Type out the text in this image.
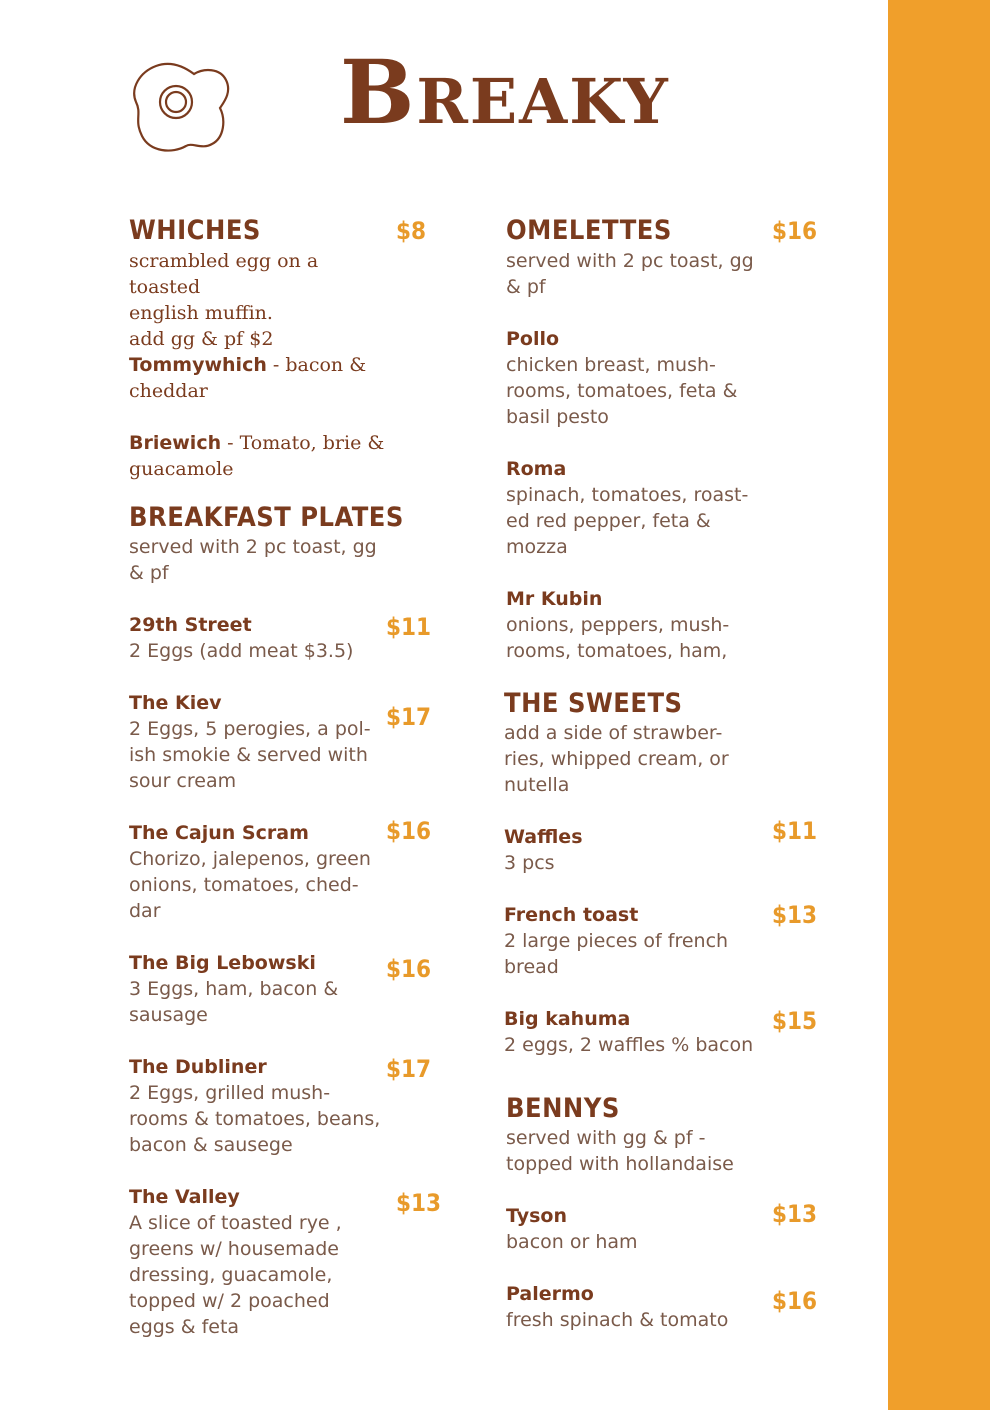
Breaky
WHICHES	$8
scrambled egg on a toasted
english muffin.
add gg & pf $2
Tommywhich - bacon &
cheddar
Briewich - Tomato, brie &
guacamole
BREAKFAST PLATES
served with 2 pc toast, gg
& pf
29th Street	$11
2 Eggs (add meat $3.5)
The Kiev	$17
2 Eggs, 5 perogies, a pol-
ish smokie & served with
sour cream
The Cajun Scram	$16
Chorizo, jalepenos, green
onions, tomatoes, ched-
dar
The Big Lebowski	$16
3 Eggs, ham, bacon &
sausage
The Dubliner	$17
2 Eggs, grilled mush-
rooms & tomatoes, beans,
bacon & sausege
The Valley	$13
A slice of toasted rye ,
greens w/ housemade
dressing, guacamole,
topped w/ 2 poached
eggs & feta
OMELETTES	$16
served with 2 pc toast, gg
& pf
Pollo
chicken breast, mush-
rooms, tomatoes, feta &
basil pesto
Roma
spinach, tomatoes, roast-
ed red pepper, feta &
mozza
Mr Kubin
onions, peppers, mush-
rooms, tomatoes, ham,
THE SWEETS
add a side of strawber-
ries, whipped cream, or
nutella
Waffles	$11
3 pcs
French toast	$13
2 large pieces of french
bread
Big kahuma	$15
2 eggs, 2 waffles % bacon
BENNYS
served with gg & pf -
topped with hollandaise
Tyson	$13
bacon or ham
Palermo	$16
fresh spinach & tomato
